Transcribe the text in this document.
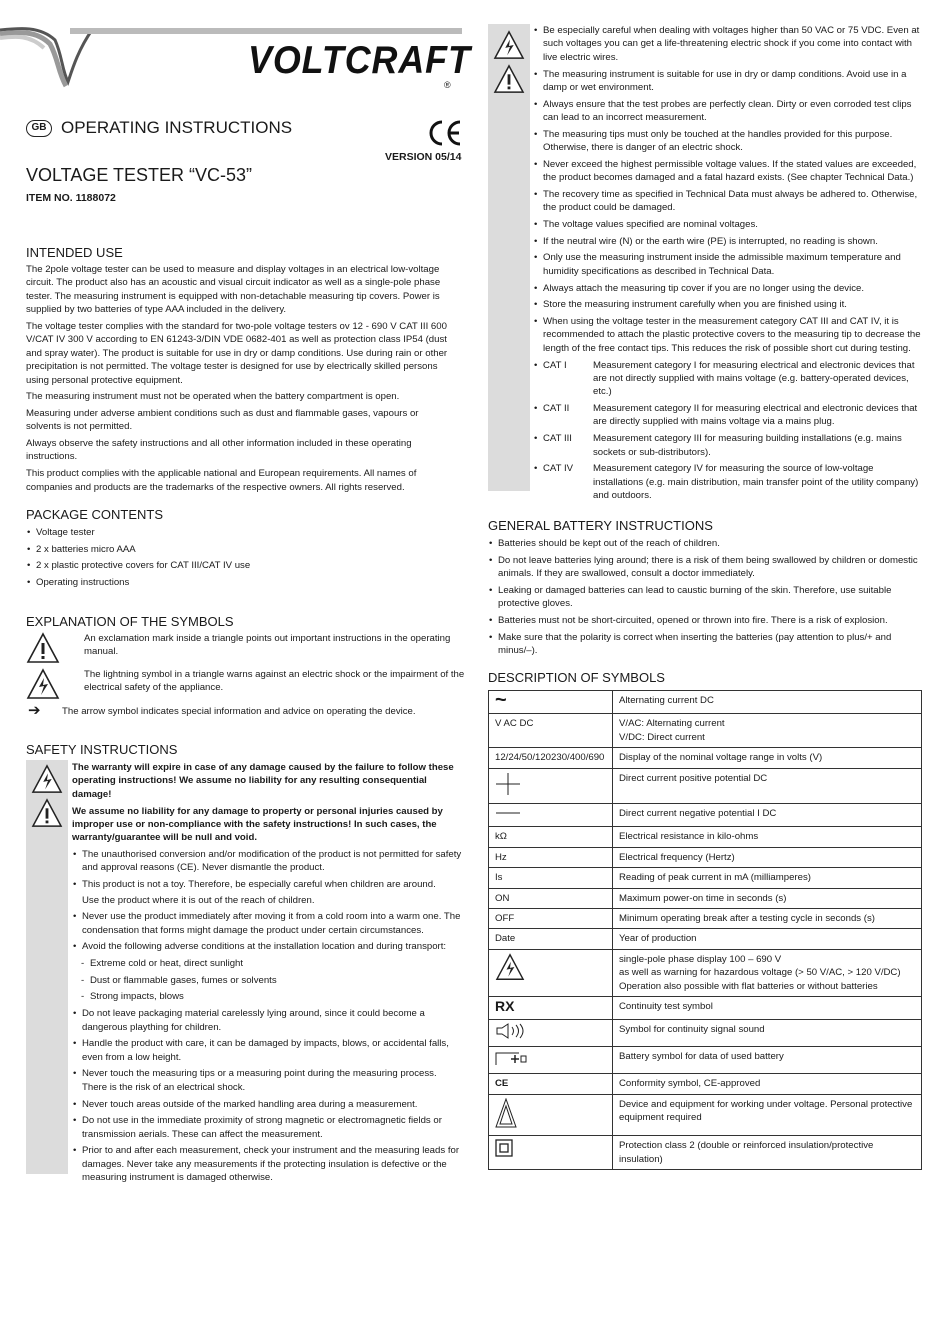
VOLTCRAFT
®
GB OPERATING INSTRUCTIONS
VERSION 05/14
VOLTAGE TESTER “VC-53”
ITEM NO. 1188072
INTENDED USE

The 2pole voltage tester can be used to measure and display voltages in an electrical low-voltage circuit. The product also has an acoustic and visual circuit indicator as well as a single-pole phase tester. The measuring instrument is equipped with non-detachable measuring tip covers. Power is supplied by two batteries of type AAA included in the delivery.

The voltage tester complies with the standard for two-pole voltage testers ov 12 - 690 V CAT III 600 V/CAT IV 300 V according to EN 61243-3/DIN VDE 0682-401 as well as protection class IP54 (dust and spray water). The product is suitable for use in dry or damp conditions. Use during rain or other precipitation is not permitted. The voltage tester is designed for use by electrically skilled persons using personal protective equipment.

The measuring instrument must not be operated when the battery compartment is open.

Measuring under adverse ambient conditions such as dust and flammable gases, vapours or solvents is not permitted.

Always observe the safety instructions and all other information included in these operating instructions.

This product complies with the applicable national and European requirements. All names of companies and products are the trademarks of the respective owners. All rights reserved.

PACKAGE CONTENTS
• Voltage tester
• 2 x batteries micro AAA
• 2 x plastic protective covers for CAT III/CAT IV use
• Operating instructions
EXPLANATION OF THE SYMBOLS
An exclamation mark inside a triangle points out important instructions in the operating manual.
The lightning symbol in a triangle warns against an electric shock or the impairment of the electrical safety of the appliance.
➔ The arrow symbol indicates special information and advice on operating the device.
SAFETY INSTRUCTIONS

The warranty will expire in case of any damage caused by the failure to follow these operating instructions! We assume no liability for any resulting consequential damage!

We assume no liability for any damage to property or personal injuries caused by improper use or non-compliance with the safety instructions! In such cases, the warranty/guarantee will be null and void.

• The unauthorised conversion and/or modification of the product is not permitted for safety and approval reasons (CE). Never dismantle the product.
• This product is not a toy. Therefore, be especially careful when children are around.
Use the product where it is out of the reach of children.
• Never use the product immediately after moving it from a cold room into a warm one. The condensation that forms might damage the product under certain circumstances.
• Avoid the following adverse conditions at the installation location and during transport:
- Extreme cold or heat, direct sunlight
- Dust or flammable gases, fumes or solvents
- Strong impacts, blows
• Do not leave packaging material carelessly lying around, since it could become a dangerous plaything for children.
• Handle the product with care, it can be damaged by impacts, blows, or accidental falls, even from a low height.
• Never touch the measuring tips or a measuring point during the measuring process. There is the risk of an electrical shock.
• Never touch areas outside of the marked handling area during a measurement.
• Do not use in the immediate proximity of strong magnetic or electromagnetic fields or transmission aerials. These can affect the measurement.
• Prior to and after each measurement, check your instrument and the measuring leads for damages. Never take any measurements if the protecting insulation is defective or the measuring instrument is damaged otherwise.
• Be especially careful when dealing with voltages higher than 50 VAC or 75 VDC. Even at such voltages you can get a life-threatening electric shock if you come into contact with live electric wires.
• The measuring instrument is suitable for use in dry or damp conditions. Avoid use in a damp or wet environment.
• Always ensure that the test probes are perfectly clean. Dirty or even corroded test clips can lead to an incorrect measurement.
• The measuring tips must only be touched at the handles provided for this purpose. Otherwise, there is danger of an electric shock.
• Never exceed the highest permissible voltage values. If the stated values are exceeded, the product becomes damaged and a fatal hazard exists. (See chapter Technical Data.)
• The recovery time as specified in Technical Data must always be adhered to. Otherwise, the product could be damaged.
• The voltage values specified are nominal voltages.
• If the neutral wire (N) or the earth wire (PE) is interrupted, no reading is shown.
• Only use the measuring instrument inside the admissible maximum temperature and humidity specifications as described in Technical Data.
• Always attach the measuring tip cover if you are no longer using the device.
• Store the measuring instrument carefully when you are finished using it.
• When using the voltage tester in the measurement category CAT III and CAT IV, it is recommended to attach the plastic protective covers to the measuring tip to decrease the length of the free contact tips. This reduces the risk of possible short cut during testing.
• CAT I	Measurement category I for measuring electrical and electronic devices that are not directly supplied with mains voltage (e.g. battery-operated devices, etc.)
• CAT II	Measurement category II for measuring electrical and electronic devices that are directly supplied with mains voltage via a mains plug.
• CAT III	Measurement category III for measuring building installations (e.g. mains sockets or sub-distributors).
• CAT IV	Measurement category IV for measuring the source of low-voltage installations (e.g. main distribution, main transfer point of the utility company) and outdoors.
GENERAL BATTERY INSTRUCTIONS
• Batteries should be kept out of the reach of children.
• Do not leave batteries lying around; there is a risk of them being swallowed by children or domestic animals. If they are swallowed, consult a doctor immediately.
• Leaking or damaged batteries can lead to caustic burning of the skin. Therefore, use suitable protective gloves.
• Batteries must not be short-circuited, opened or thrown into fire. There is a risk of explosion.
• Make sure that the polarity is correct when inserting the batteries (pay attention to plus/+ and minus/–).
DESCRIPTION OF SYMBOLS
~	Alternating current DC
V AC DC	V/AC: Alternating current
V/DC: Direct current

12/24/50/120230/400/690	Display of the nominal voltage range in volts (V)
	Direct current positive potential DC
	Direct current negative potential I DC
kΩ	Electrical resistance in kilo-ohms
Hz	Electrical frequency (Hertz)
Is	Reading of peak current in mA (milliamperes)
ON	Maximum power-on time in seconds (s)
OFF	Minimum operating break after a testing cycle in seconds (s)
Date	Year of production

single-pole phase display 100 – 690 V
as well as warning for hazardous voltage (> 50 V/AC, > 120 V/DC)
Operation also possible with flat batteries or without batteries

RX	Continuity test symbol
	Symbol for continuity signal sound
	Battery symbol for data of used battery
CE	Conformity symbol, CE-approved
	Device and equipment for working under voltage. Personal protective equipment required
	Protection class 2 (double or reinforced insulation/protective insulation)
